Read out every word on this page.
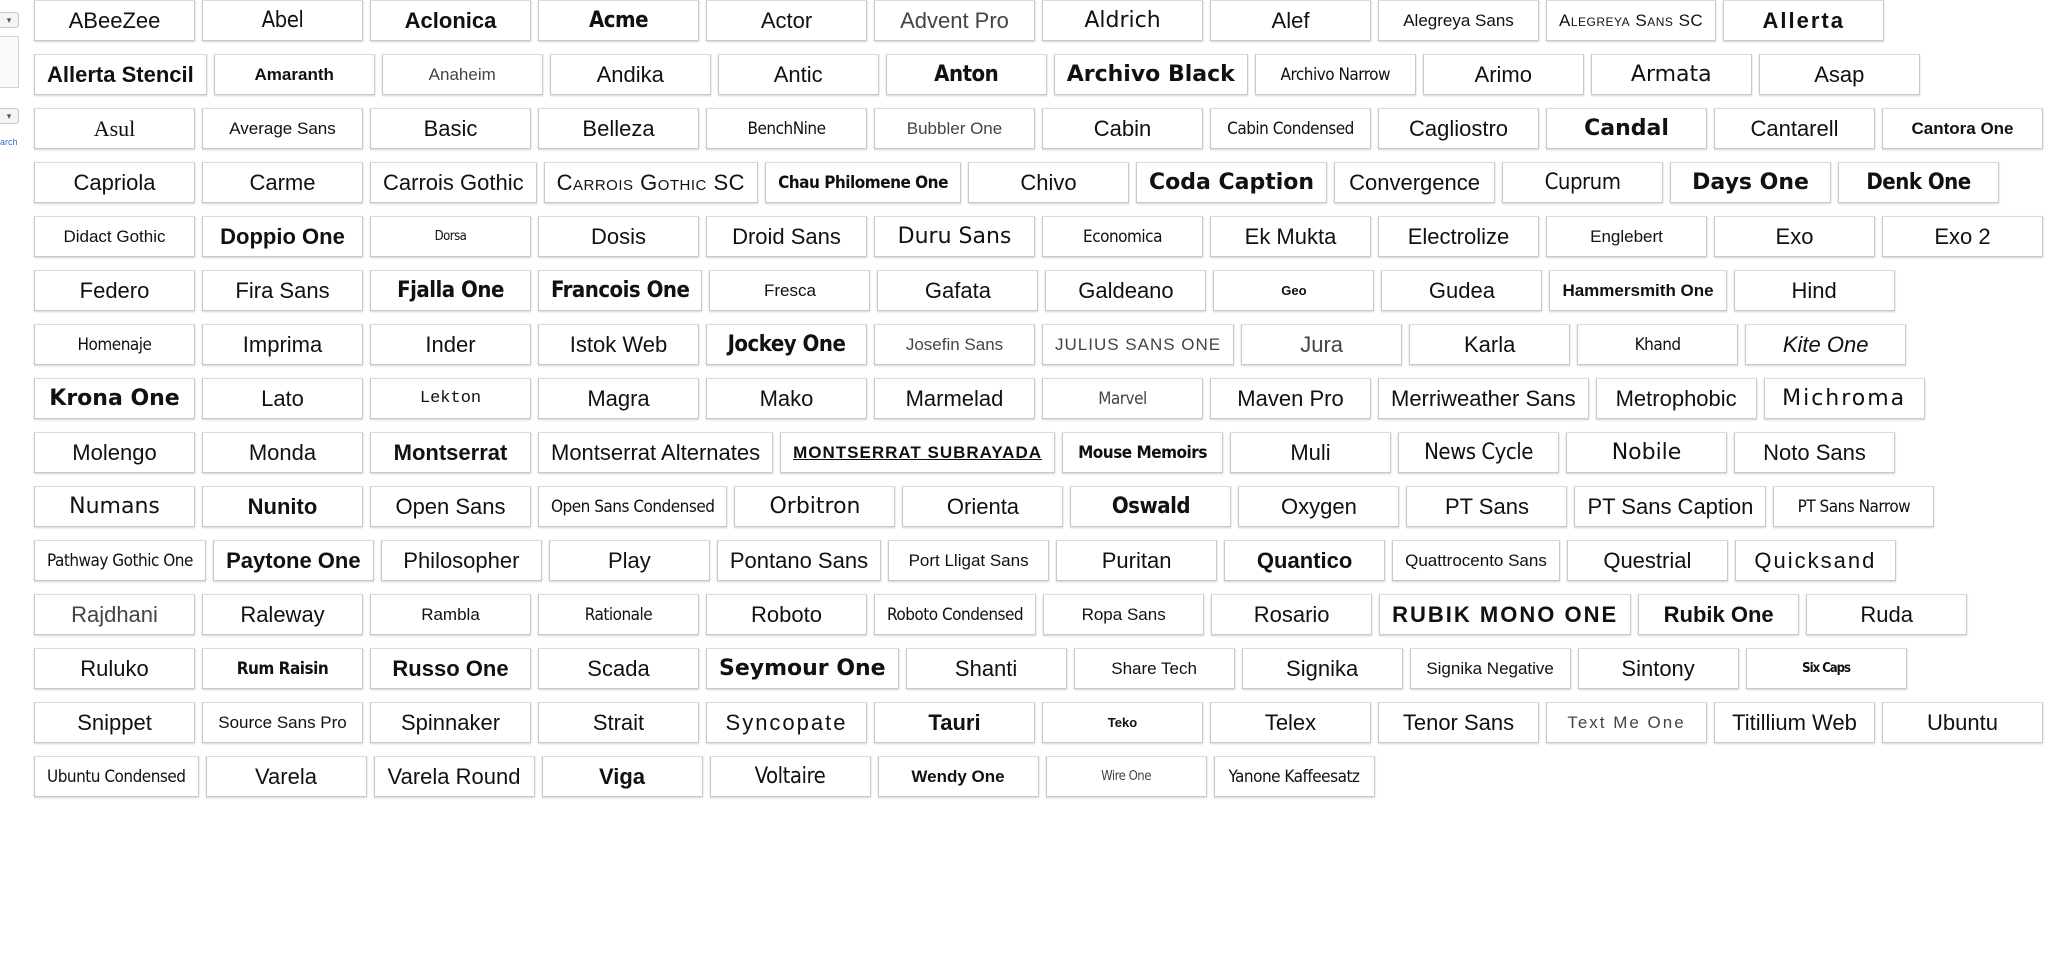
▾
▾
arch
ABeeZee	Abel	Aclonica	Acme	Actor	Advent Pro	Aldrich	Alef	Alegreya Sans	Alegreya Sans SC	Allerta
Allerta Stencil	Amaranth	Anaheim	Andika	Antic	Anton	Archivo Black	Archivo Narrow	Arimo	Armata	Asap
Asul	Average Sans	Basic	Belleza	BenchNine	Bubbler One	Cabin	Cabin Condensed	Cagliostro	Candal	Cantarell	Cantora One
Capriola	Carme	Carrois Gothic Carrois Gothic SC Chau Philomene One	Chivo	Coda Caption Convergence	Cuprum	Days One	Denk One
Didact Gothic Doppio One	Dorsa	Dosis	Droid Sans	Duru Sans	Economica	Ek Mukta	Electrolize	Englebert	Exo	Exo 2
Federo	Fira Sans	Fjalla One Francois One	Fresca	Gafata	Galdeano	Geo	Gudea	Hammersmith One	Hind
Homenaje	Imprima	Inder	Istok Web	Jockey One	Josefin Sans	JULIUS SANS ONE	Jura	Karla	Khand	Kite One
Krona One	Lato	Lekton	Magra	Mako	Marmelad	Marvel	Maven Pro Merriweather Sans Metrophobic Michroma
Molengo	Monda	Montserrat Montserrat Alternates MONTSERRAT SUBRAYADA Mouse Memoirs	Muli	News Cycle	Nobile	Noto Sans
Numans	Nunito	Open Sans	Open Sans Condensed Orbitron	Orienta	Oswald	Oxygen	PT Sans	PT Sans Caption	PT Sans Narrow
Pathway Gothic One Paytone One Philosopher	Play	Pontano Sans Port Lligat Sans	Puritan	Quantico	Quattrocento Sans	Questrial	Quicksand
Rajdhani	Raleway	Rambla	Rationale	Roboto	Roboto Condensed	Ropa Sans	Rosario	RUBIK MONO ONE Rubik One	Ruda
Ruluko	Rum Raisin	Russo One	Scada	Seymour One	Shanti	Share Tech	Signika	Signika Negative	Sintony	Six Caps
Snippet	Source Sans Pro Spinnaker	Strait	Syncopate	Tauri	Teko	Telex	Tenor Sans	Text Me One Titillium Web	Ubuntu
Ubuntu Condensed	Varela	Varela Round	Viga	Voltaire	Wendy One	Wire One	Yanone Kaffeesatz
